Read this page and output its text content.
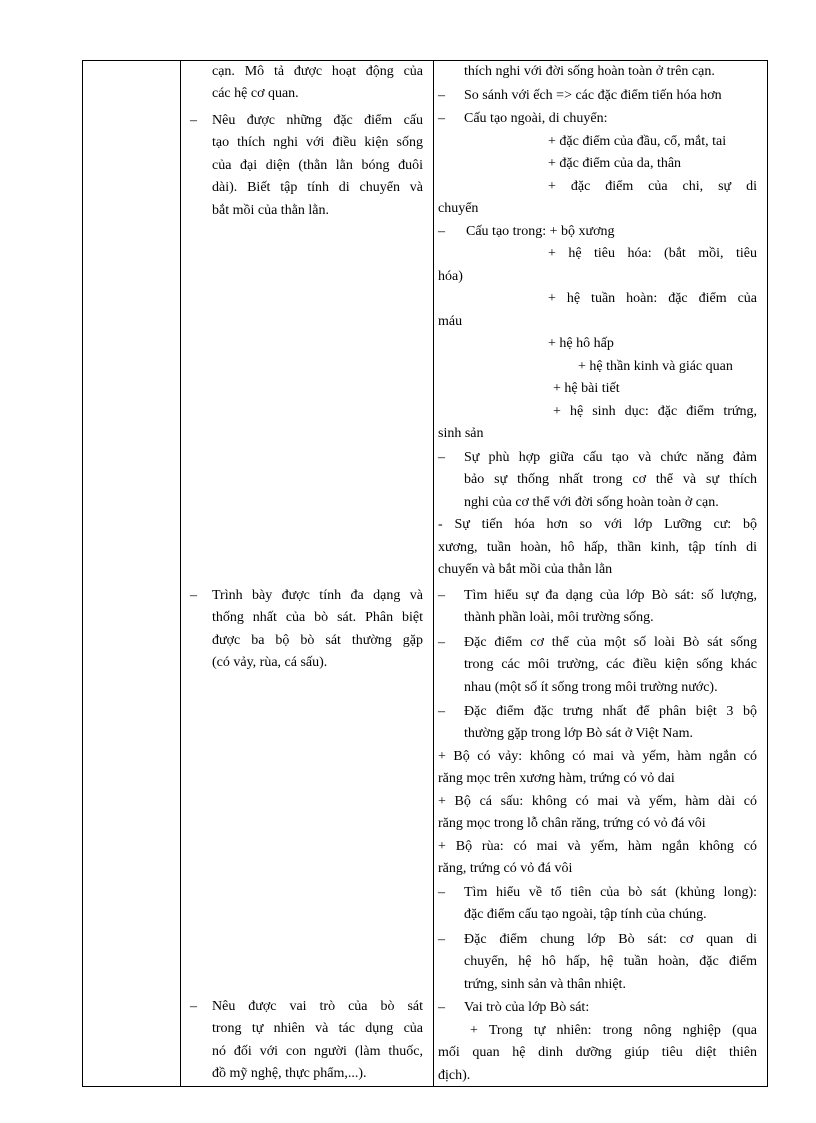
cạn. Mô tả được hoạt động của
các hệ cơ quan.
– Nêu được những đặc điểm cấu
tạo thích nghi với điều kiện sống
của đại diện (thằn lằn bóng đuôi
dài). Biết tập tính di chuyển và
bắt mồi của thằn lằn.
– Trình bày được tính đa dạng và
thống nhất của bò sát. Phân biệt
được ba bộ bò sát thường gặp
(có vảy, rùa, cá sấu).
– Nêu được vai trò của bò sát
trong tự nhiên và tác dụng của
nó đối với con người (làm thuốc,
đồ mỹ nghệ, thực phẩm,...).
thích nghi với đời sống hoàn toàn ở trên cạn.
– So sánh với ếch => các đặc điểm tiến hóa hơn
– Cấu tạo ngoài, di chuyển:
+ đặc điểm của đầu, cổ, mắt, tai
+ đặc điểm của da, thân
+ đặc điểm của chi, sự di
chuyển
– Cấu tạo trong: + bộ xương
+ hệ tiêu hóa: (bắt mồi, tiêu
hóa)
+ hệ tuần hoàn: đặc điểm của
máu
+ hệ hô hấp
+ hệ thần kinh và giác quan
+ hệ bài tiết
+ hệ sinh dục: đặc điểm trứng,
sinh sản
– Sự phù hợp giữa cấu tạo và chức năng đảm
bảo sự thống nhất trong cơ thể và sự thích
nghi của cơ thể với đời sống hoàn toàn ở cạn.
- Sự tiến hóa hơn so với lớp Lưỡng cư: bộ
xương, tuần hoàn, hô hấp, thần kinh, tập tính di
chuyển và bắt mồi của thằn lằn
– Tìm hiểu sự đa dạng của lớp Bò sát: số lượng,
thành phần loài, môi trường sống.
– Đặc điểm cơ thể của một số loài Bò sát sống
trong các môi trường, các điều kiện sống khác
nhau (một số ít sống trong môi trường nước).
– Đặc điểm đặc trưng nhất để phân biệt 3 bộ
thường gặp trong lớp Bò sát ở Việt Nam.
+ Bộ có vảy: không có mai và yếm, hàm ngắn có
răng mọc trên xương hàm, trứng có vỏ dai
+ Bộ cá sấu: không có mai và yếm, hàm dài có
răng mọc trong lỗ chân răng, trứng có vỏ đá vôi
+ Bộ rùa: có mai và yếm, hàm ngắn không có
răng, trứng có vỏ đá vôi
– Tìm hiểu về tổ tiên của bò sát (khủng long):
đặc điểm cấu tạo ngoài, tập tính của chúng.
– Đặc điểm chung lớp Bò sát: cơ quan di
chuyển, hệ hô hấp, hệ tuần hoàn, đặc điểm
trứng, sinh sản và thân nhiệt.
– Vai trò của lớp Bò sát:
+ Trong tự nhiên: trong nông nghiệp (qua
mối quan hệ dinh dưỡng giúp tiêu diệt thiên
địch).
